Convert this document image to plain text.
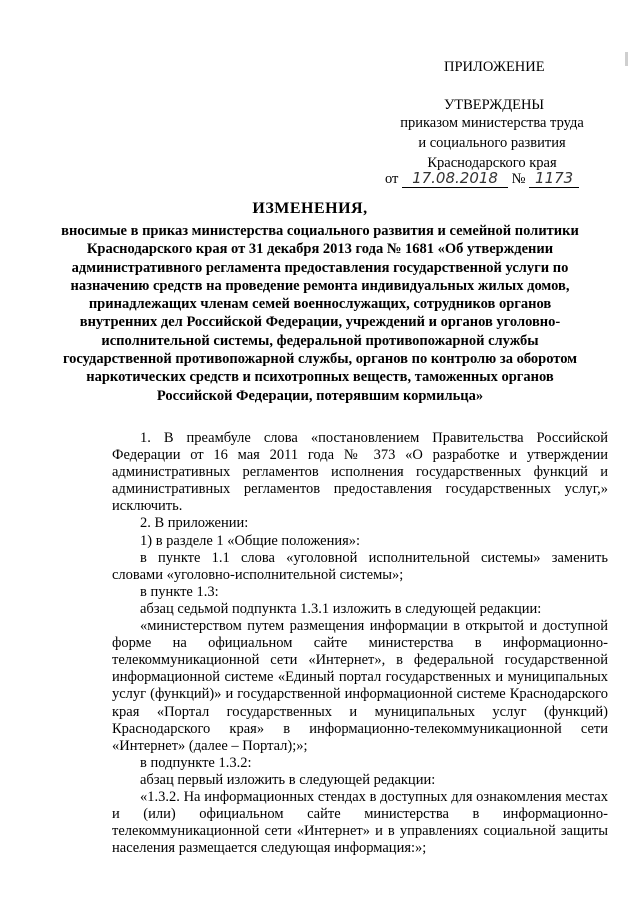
ПРИЛОЖЕНИЕ
УТВЕРЖДЕНЫ
приказом министерства труда
и социального развития
Краснодарского края
от 17.08.2018 № 1173
ИЗМЕНЕНИЯ,
вносимые в приказ министерства социального развития и семейной политики Краснодарского края от 31 декабря 2013 года № 1681 «Об утверждении административного регламента предоставления государственной услуги по назначению средств на проведение ремонта индивидуальных жилых домов, принадлежащих членам семей военнослужащих, сотрудников органов внутренних дел Российской Федерации, учреждений и органов уголовно-исполнительной системы, федеральной противопожарной службы государственной противопожарной службы, органов по контролю за оборотом наркотических средств и психотропных веществ, таможенных органов Российской Федерации, потерявшим кормильца»

1. В преамбуле слова «постановлением Правительства Российской Федерации от 16 мая 2011 года № 373 «О разработке и утверждении административных регламентов исполнения государственных функций и административных регламентов предоставления государственных услуг,» исключить.

2. В приложении:

1) в разделе 1 «Общие положения»:

в пункте 1.1 слова «уголовной исполнительной системы» заменить словами «уголовно-исполнительной системы»;

в пункте 1.3:

абзац седьмой подпункта 1.3.1 изложить в следующей редакции:

«министерством путем размещения информации в открытой и доступной форме на официальном сайте министерства в информационно-телекоммуникационной сети «Интернет», в федеральной государственной информационной системе «Единый портал государственных и муниципальных услуг (функций)» и государственной информационной системе Краснодарского края «Портал государственных и муниципальных услуг (функций) Краснодарского края» в информационно-телекоммуникационной сети «Интернет» (далее – Портал);»;

в подпункте 1.3.2:

абзац первый изложить в следующей редакции:

«1.3.2. На информационных стендах в доступных для ознакомления местах и (или) официальном сайте министерства в информационно-телекоммуникационной сети «Интернет» и в управлениях социальной защиты населения размещается следующая информация:»;
